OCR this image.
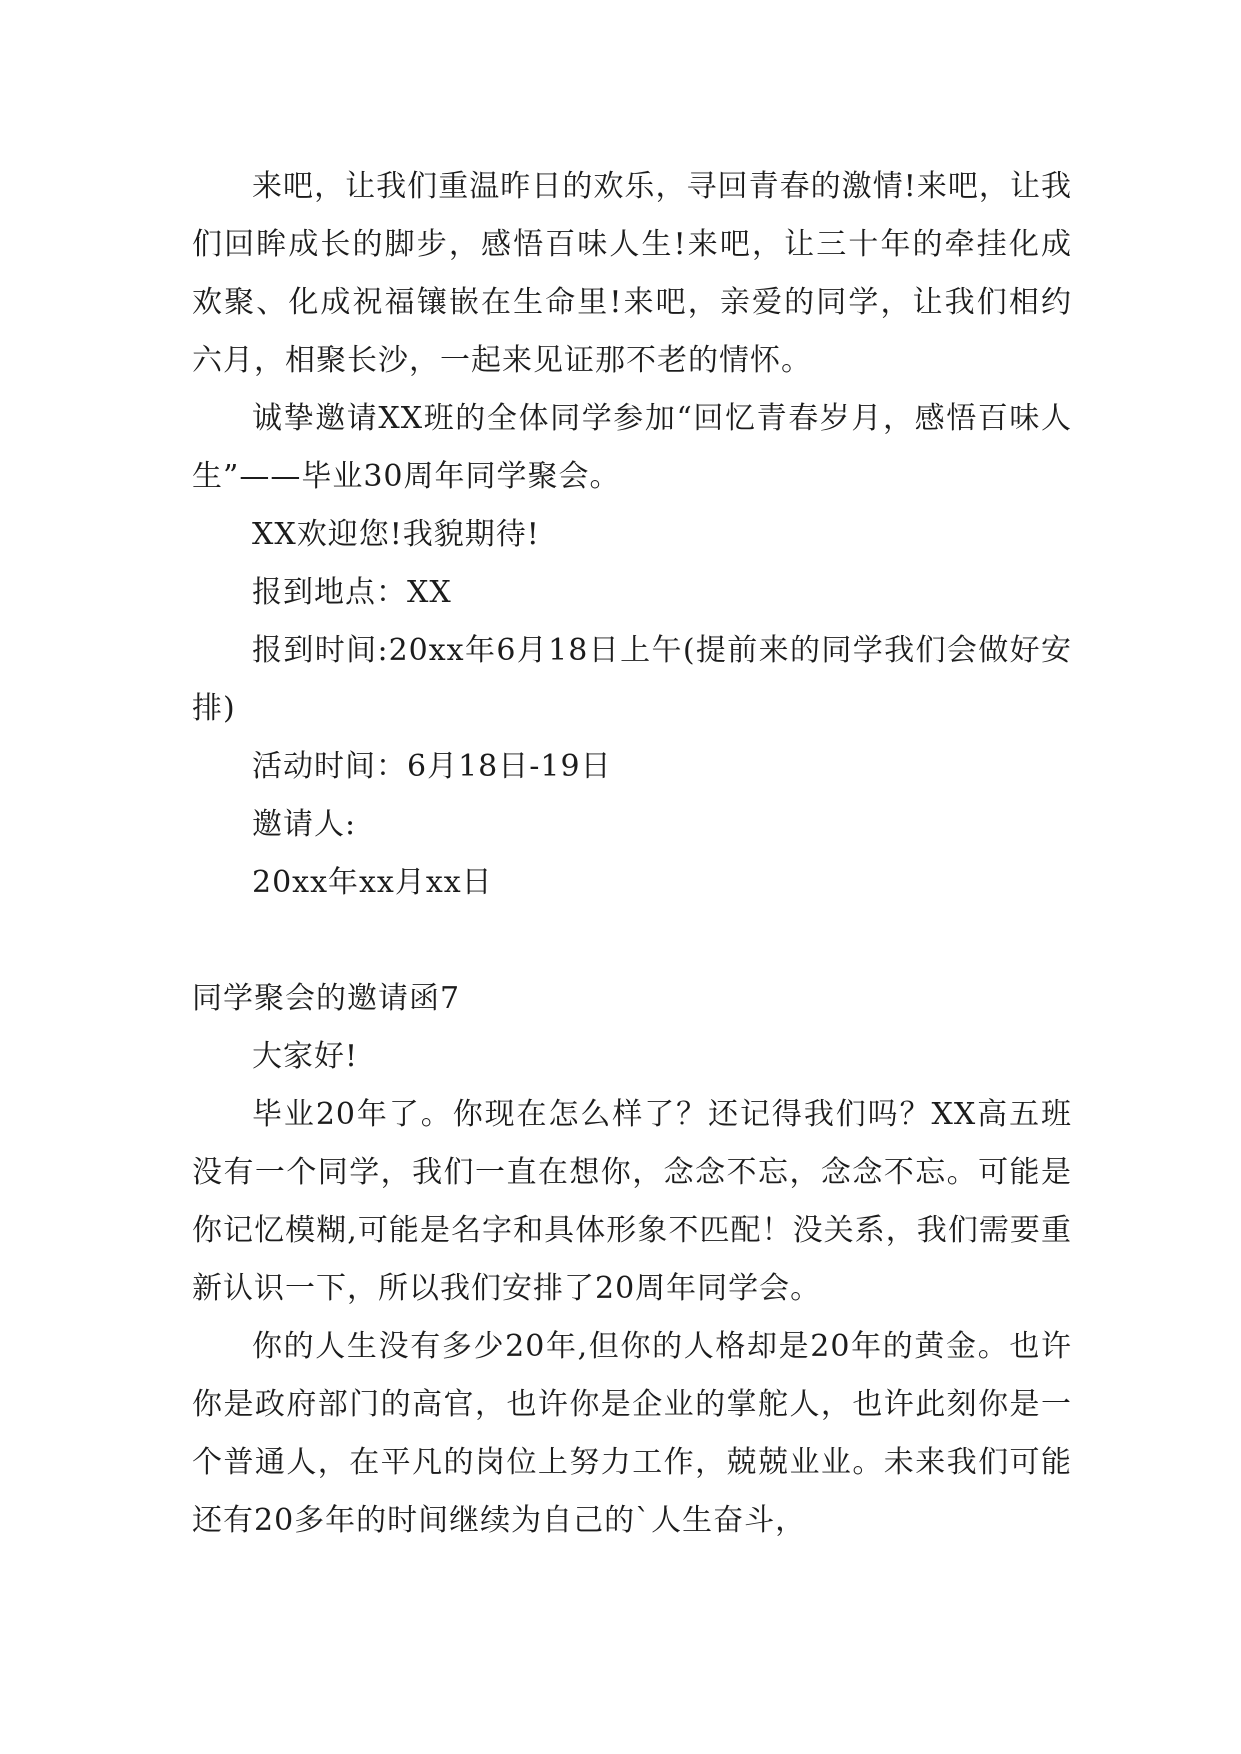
来吧，让我们重温昨日的欢乐，寻回青春的激情!来吧，让我们回眸成长的脚步，感悟百味人生!来吧，让三十年的牵挂化成欢聚、化成祝福镶嵌在生命里!来吧，亲爱的同学，让我们相约六月，相聚长沙，一起来见证那不老的情怀。

诚挚邀请XX班的全体同学参加“回忆青春岁月，感悟百味人生”——毕业30周年同学聚会。

XX欢迎您!我貌期待!

报到地点：XX

报到时间:20xx年6月18日上午(提前来的同学我们会做好安排)

活动时间：6月18日-19日

邀请人:

20xx年xx月xx日

同学聚会的邀请函7

大家好!

毕业20年了。你现在怎么样了？还记得我们吗？XX高五班没有一个同学，我们一直在想你，念念不忘，念念不忘。可能是你记忆模糊,可能是名字和具体形象不匹配！没关系，我们需要重新认识一下，所以我们安排了20周年同学会。

你的人生没有多少20年,但你的人格却是20年的黄金。也许你是政府部门的高官，也许你是企业的掌舵人，也许此刻你是一个普通人，在平凡的岗位上努力工作，兢兢业业。未来我们可能还有20多年的时间继续为自己的`人生奋斗，
